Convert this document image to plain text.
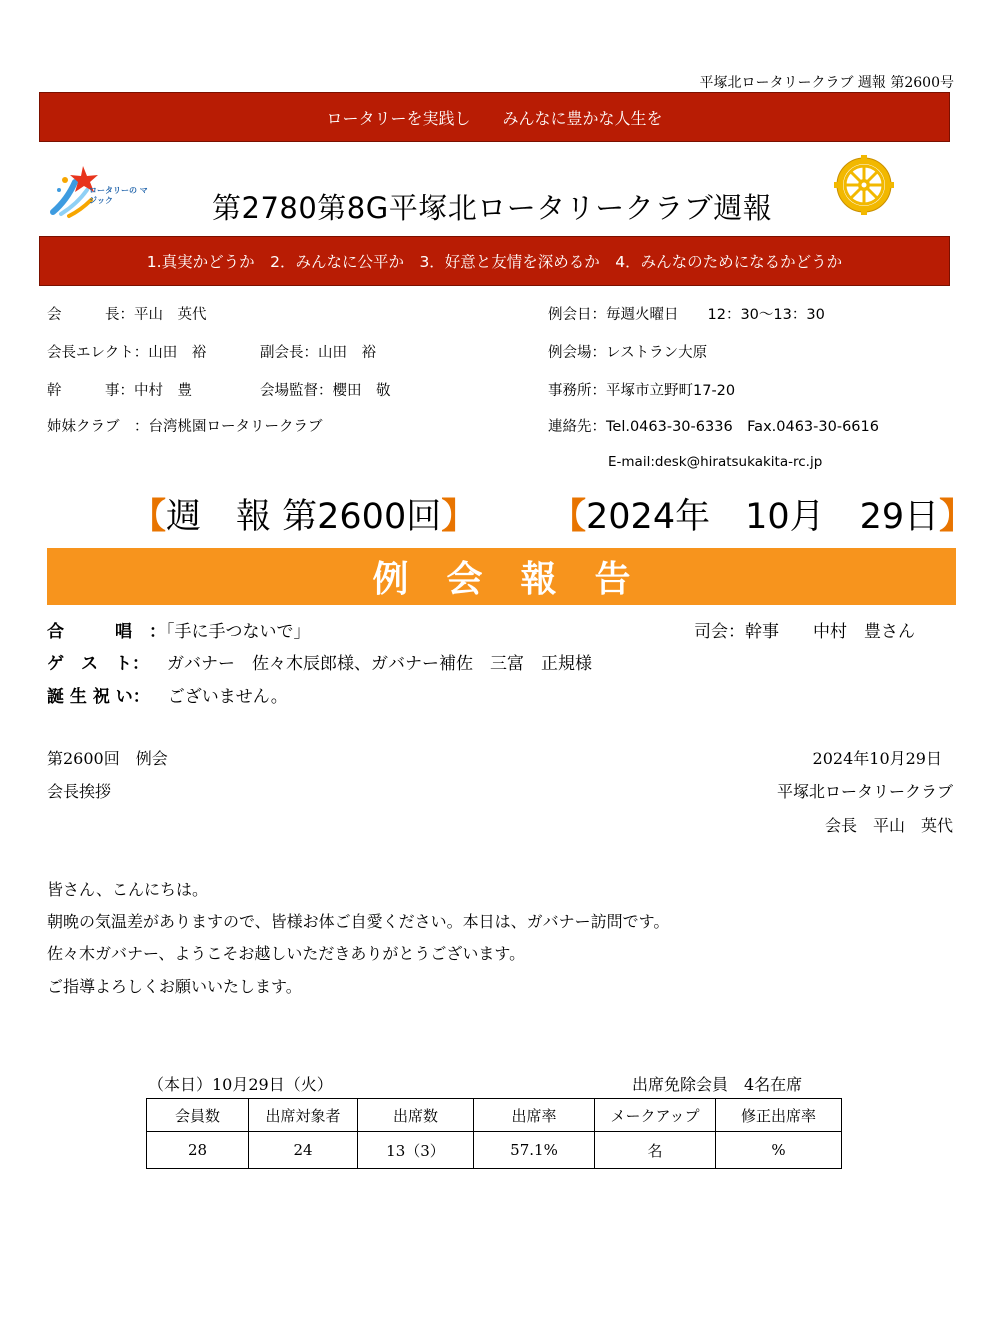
平塚北ロータリークラブ 週報 第2600号
ロータリーを実践し　　みんなに豊かな人生を
ロータリーの マジック	第2780第8G平塚北ロータリークラブ週報
1.真実かどうか　2．みんなに公平か　3．好意と友情を深めるか　4．みんなのためになるかどうか
会　　　長：平山　英代
会長エレクト：山田　裕	副会長：山田　裕
幹　　　事：中村　豊	会場監督：櫻田　敬
姉妹クラブ　：台湾桃園ロータリークラブ
例会日：毎週火曜日　　12：30～13：30
例会場：レストラン大原
事務所：平塚市立野町17-20
連絡先：Tel.0463-30-6336　Fax.0463-30-6616
E-mail:desk@hiratsukakita-rc.jp
【週　報 第2600回】 【2024年　10月　29日】
例会報告
合　　　唱　：「手に手つないで」	司会：幹事　　中村　豊さん
ゲ　ス　ト： ガバナー　佐々木辰郎様、ガバナー補佐　三富　正規様
誕 生 祝 い： ございません。
第2600回　例会	2024年10月29日
会長挨拶	平塚北ロータリークラブ
会長　平山　英代
皆さん、こんにちは。
朝晩の気温差がありますので、皆様お体ご自愛ください。本日は、ガバナー訪問です。
佐々木ガバナー、ようこそお越しいただきありがとうございます。
ご指導よろしくお願いいたします。
（本日）10月29日（火）	出席免除会員　4名在席
会員数	出席対象者	出席数	出席率	メークアップ	修正出席率
28	24	13（3）	57.1%	名	%
